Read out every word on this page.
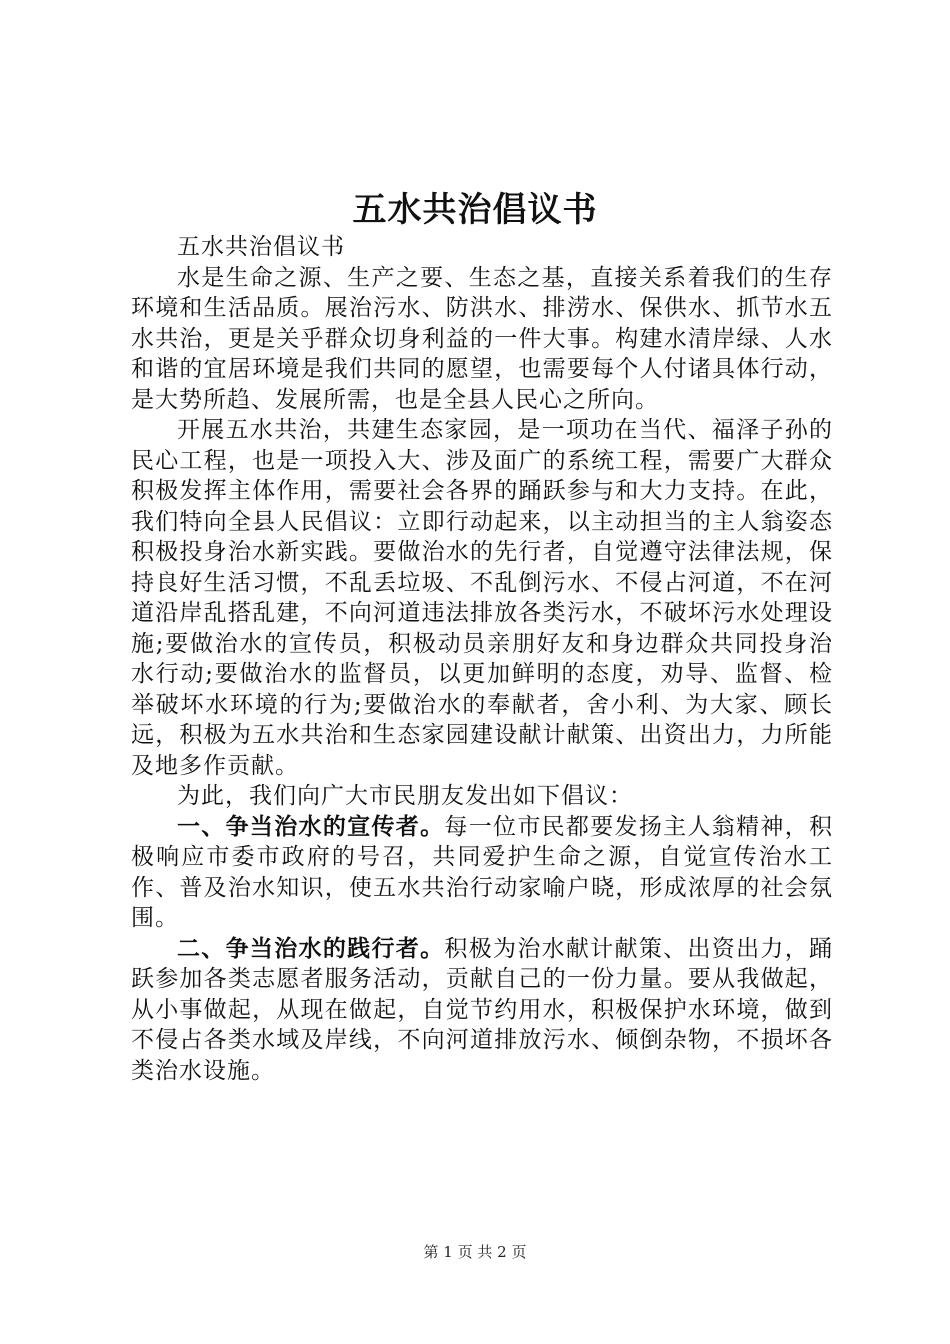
五水共治倡议书

五水共治倡议书

水是生命之源、生产之要、生态之基，直接关系着我们的生存环境和生活品质。展治污水、防洪水、排涝水、保供水、抓节水五水共治，更是关乎群众切身利益的一件大事。构建水清岸绿、人水和谐的宜居环境是我们共同的愿望，也需要每个人付诸具体行动，是大势所趋、发展所需，也是全县人民心之所向。

开展五水共治，共建生态家园，是一项功在当代、福泽子孙的民心工程，也是一项投入大、涉及面广的系统工程，需要广大群众积极发挥主体作用，需要社会各界的踊跃参与和大力支持。在此，我们特向全县人民倡议：立即行动起来，以主动担当的主人翁姿态积极投身治水新实践。要做治水的先行者，自觉遵守法律法规，保持良好生活习惯，不乱丢垃圾、不乱倒污水、不侵占河道，不在河道沿岸乱搭乱建，不向河道违法排放各类污水，不破坏污水处理设施;要做治水的宣传员，积极动员亲朋好友和身边群众共同投身治水行动;要做治水的监督员，以更加鲜明的态度，劝导、监督、检举破坏水环境的行为;要做治水的奉献者，舍小利、为大家、顾长远，积极为五水共治和生态家园建设献计献策、出资出力，力所能及地多作贡献。

为此，我们向广大市民朋友发出如下倡议：

一、争当治水的宣传者。每一位市民都要发扬主人翁精神，积极响应市委市政府的号召，共同爱护生命之源，自觉宣传治水工作、普及治水知识，使五水共治行动家喻户晓，形成浓厚的社会氛围。

二、争当治水的践行者。积极为治水献计献策、出资出力，踊跃参加各类志愿者服务活动，贡献自己的一份力量。要从我做起，从小事做起，从现在做起，自觉节约用水，积极保护水环境，做到不侵占各类水域及岸线，不向河道排放污水、倾倒杂物，不损坏各类治水设施。

第 1 页 共 2 页
